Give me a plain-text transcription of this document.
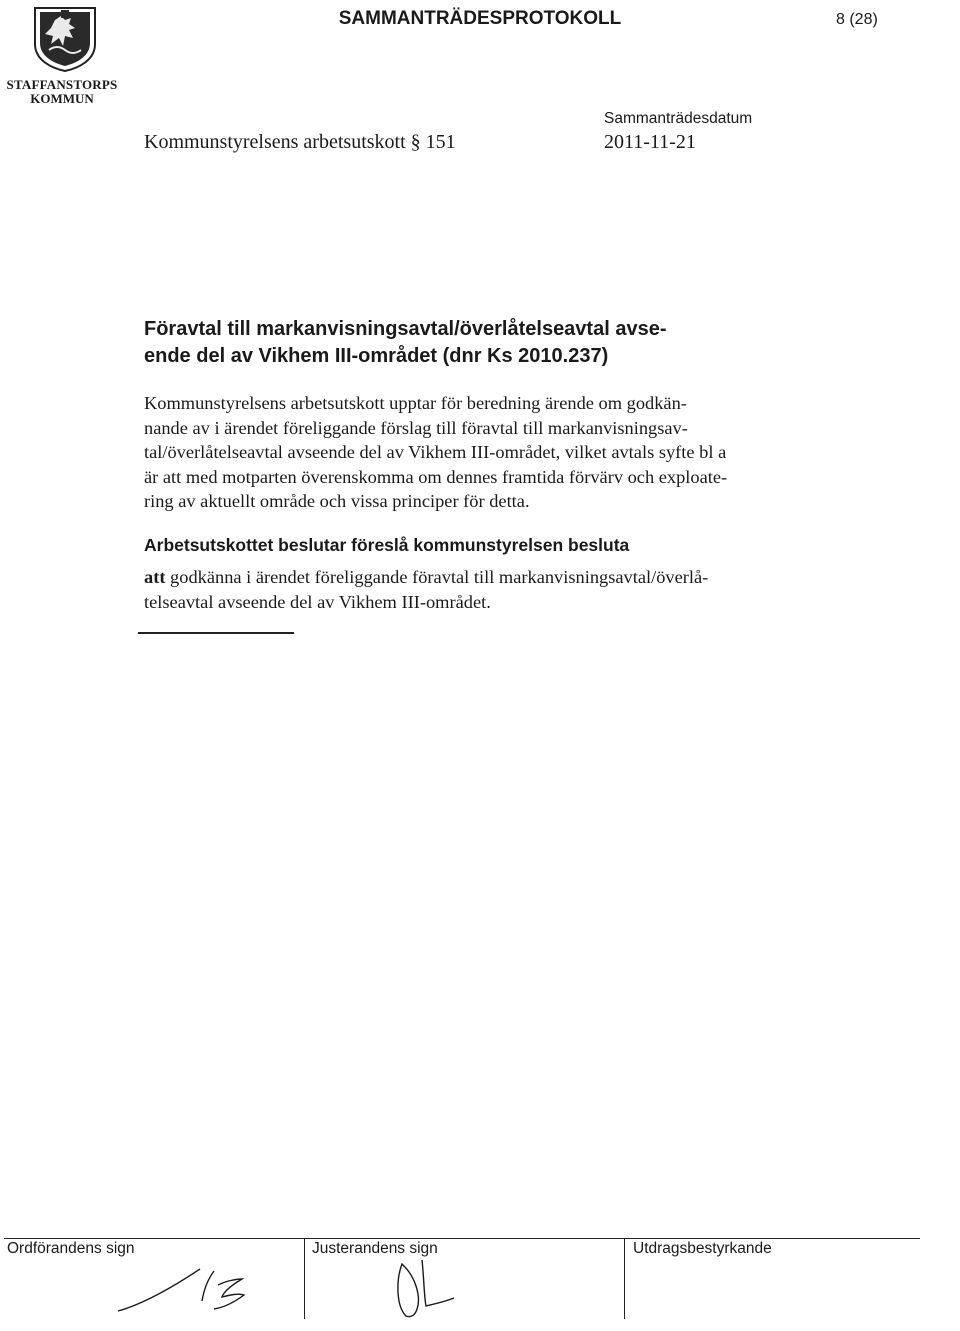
STAFFANSTORPS
KOMMUN
SAMMANTRÄDESPROTOKOLL	8 (28)
Kommunstyrelsens arbetsutskott § 151
Sammanträdesdatum
2011-11-21
Föravtal till markanvisningsavtal/överlåtelseavtal avse-
ende del av Vikhem III-området (dnr Ks 2010.237)
Kommunstyrelsens arbetsutskott upptar för beredning ärende om godkän-
nande av i ärendet föreliggande förslag till föravtal till markanvisningsav-
tal/överlåtelseavtal avseende del av Vikhem III-området, vilket avtals syfte bl a
är att med motparten överenskomma om dennes framtida förvärv och exploate-
ring av aktuellt område och vissa principer för detta.
Arbetsutskottet beslutar föreslå kommunstyrelsen besluta
att godkänna i ärendet föreliggande föravtal till markanvisningsavtal/överlå-
telseavtal avseende del av Vikhem III-området.
Ordförandens sign	Justerandens sign	Utdragsbestyrkande
